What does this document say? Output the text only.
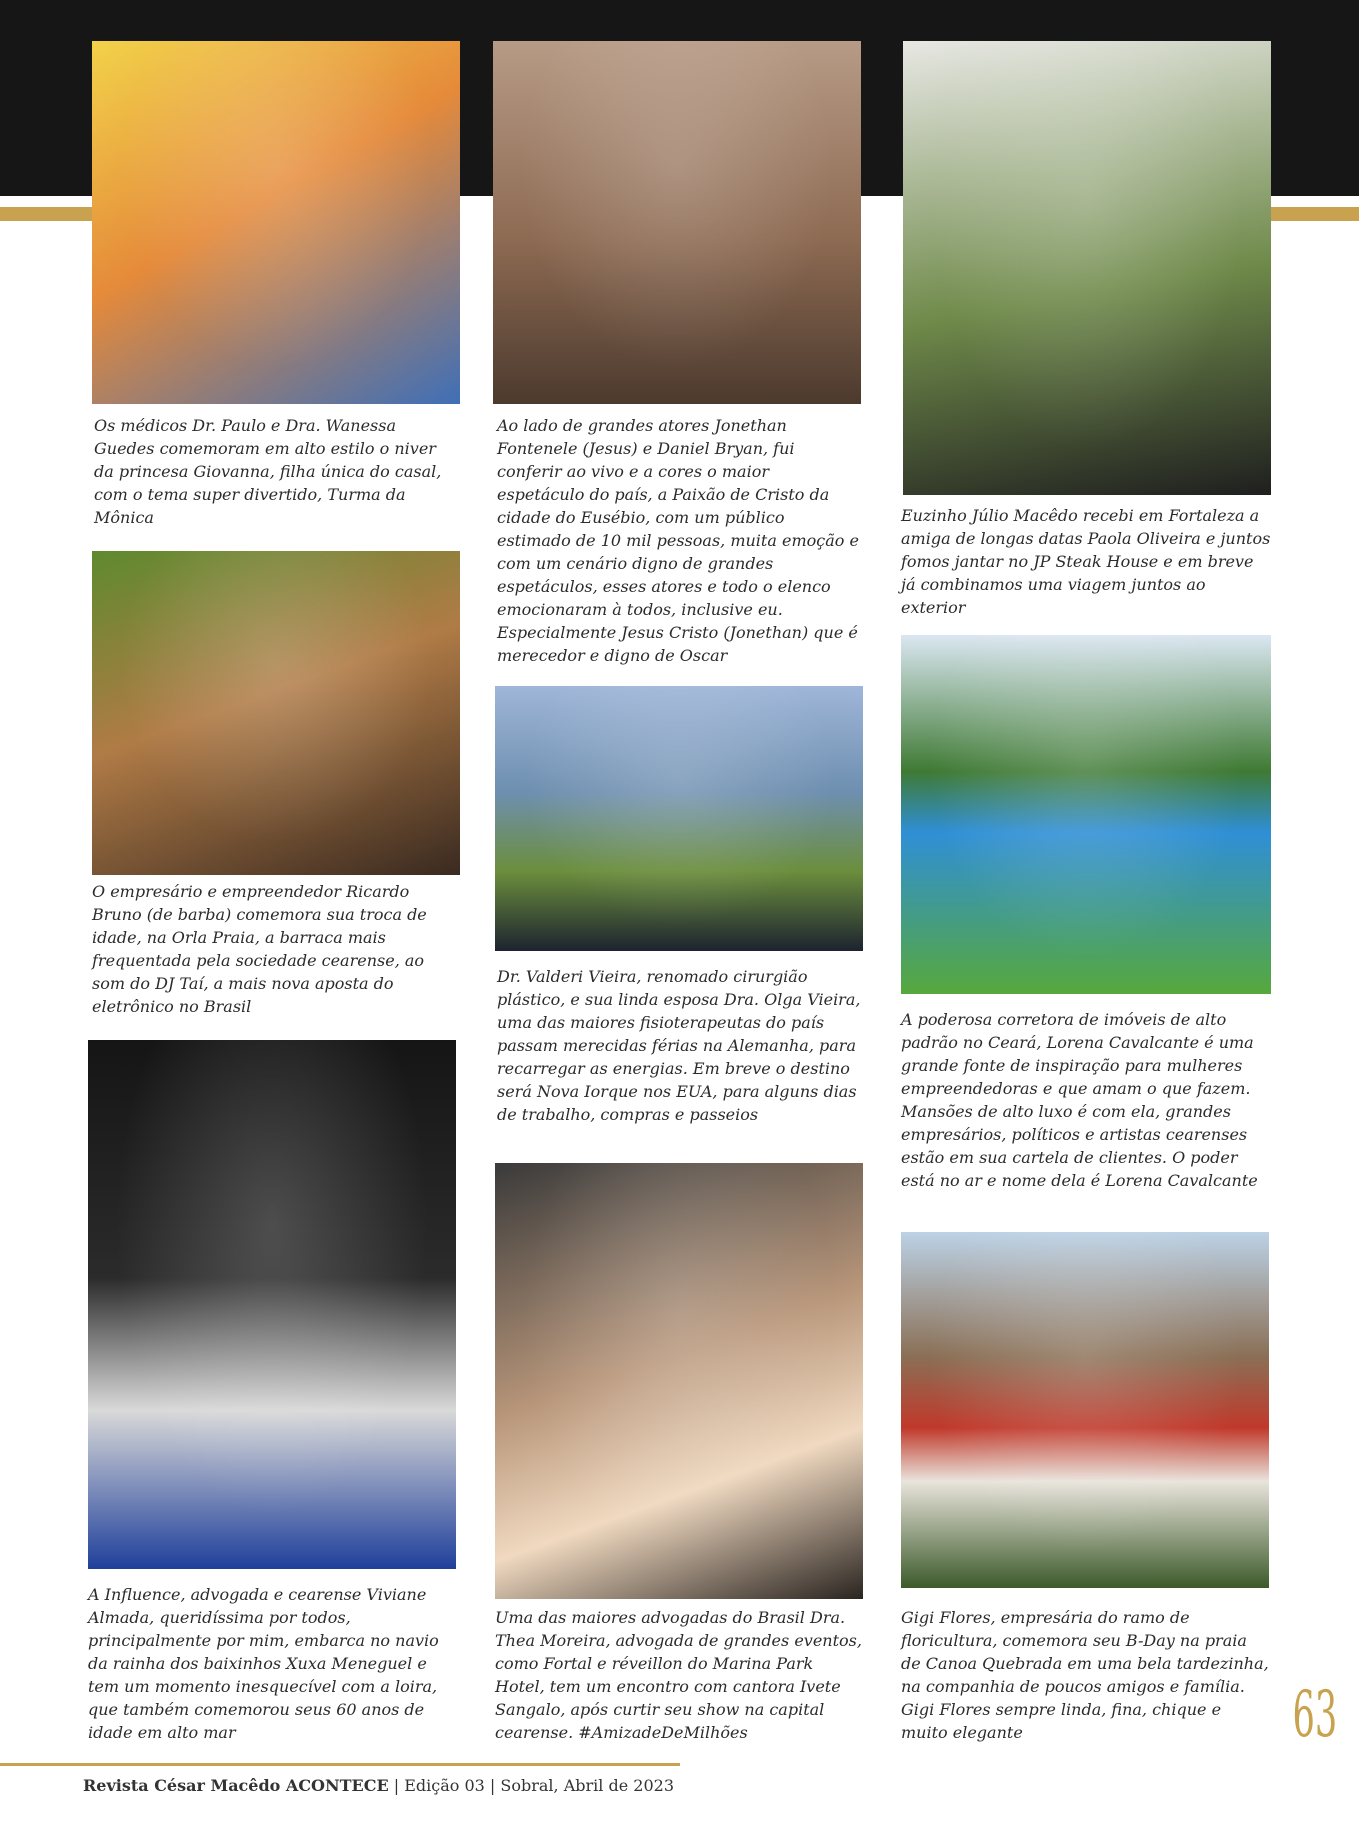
Os médicos Dr. Paulo e Dra. Wanessa Guedes comemoram em alto estilo o niver da princesa Giovanna, filha única do casal, com o tema super divertido, Turma da Mônica

O empresário e empreendedor Ricardo Bruno (de barba) comemora sua troca de idade, na Orla Praia, a barraca mais frequentada pela sociedade cearense, ao som do DJ Taí, a mais nova aposta do eletrônico no Brasil

A Influence, advogada e cearense Viviane Almada, queridíssima por todos, principalmente por mim, embarca no navio da rainha dos baixinhos Xuxa Meneguel e tem um momento inesquecível com a loira, que também comemorou seus 60 anos de idade em alto mar

Ao lado de grandes atores Jonethan Fontenele (Jesus) e Daniel Bryan, fui conferir ao vivo e a cores o maior espetáculo do país, a Paixão de Cristo da cidade do Eusébio, com um público estimado de 10 mil pessoas, muita emoção e com um cenário digno de grandes espetáculos, esses atores e todo o elenco emocionaram à todos, inclusive eu. Especialmente Jesus Cristo (Jonethan) que é merecedor e digno de Oscar

Dr. Valderi Vieira, renomado cirurgião plástico, e sua linda esposa Dra. Olga Vieira, uma das maiores fisioterapeutas do país passam merecidas férias na Alemanha, para recarregar as energias. Em breve o destino será Nova Iorque nos EUA, para alguns dias de trabalho, compras e passeios

Uma das maiores advogadas do Brasil Dra. Thea Moreira, advogada de grandes eventos, como Fortal e réveillon do Marina Park Hotel, tem um encontro com cantora Ivete Sangalo, após curtir seu show na capital cearense. #AmizadeDeMilhões

Euzinho Júlio Macêdo recebi em Fortaleza a amiga de longas datas Paola Oliveira e juntos fomos jantar no JP Steak House e em breve já combinamos uma viagem juntos ao exterior

A poderosa corretora de imóveis de alto padrão no Ceará, Lorena Cavalcante é uma grande fonte de inspiração para mulheres empreendedoras e que amam o que fazem. Mansões de alto luxo é com ela, grandes empresários, políticos e artistas cearenses estão em sua cartela de clientes. O poder está no ar e nome dela é Lorena Cavalcante

Gigi Flores, empresária do ramo de floricultura, comemora seu B-Day na praia de Canoa Quebrada em uma bela tardezinha, na companhia de poucos amigos e família. Gigi Flores sempre linda, fina, chique e muito elegante

Revista César Macêdo ACONTECE | Edição 03 | Sobral, Abril de 2023

63
